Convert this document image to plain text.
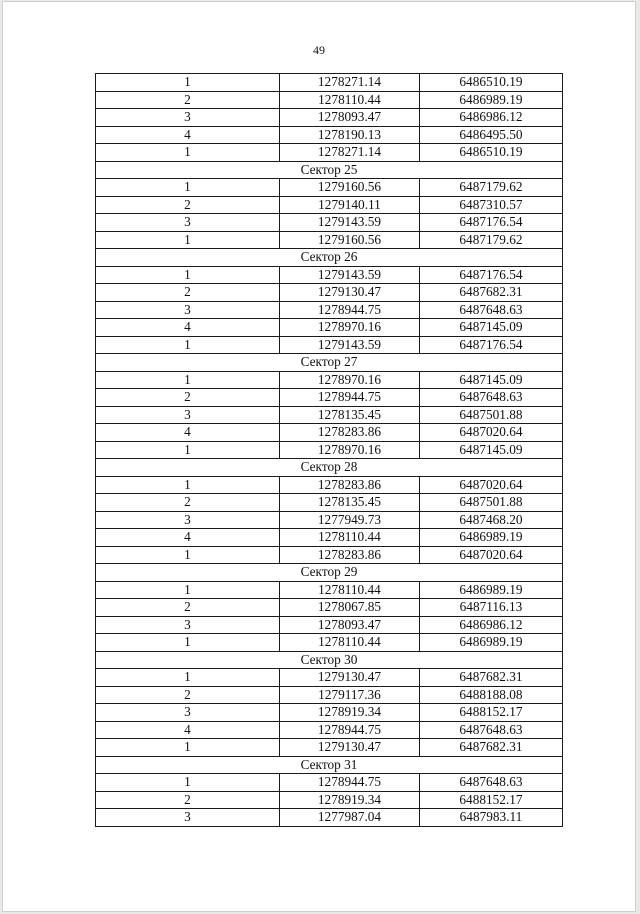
49
1	1278271.14	6486510.19
2	1278110.44	6486989.19
3	1278093.47	6486986.12
4	1278190.13	6486495.50
1	1278271.14	6486510.19
Сектор 25		
1	1279160.56	6487179.62
2	1279140.11	6487310.57
3	1279143.59	6487176.54
1	1279160.56	6487179.62
Сектор 26		
1	1279143.59	6487176.54
2	1279130.47	6487682.31
3	1278944.75	6487648.63
4	1278970.16	6487145.09
1	1279143.59	6487176.54
Сектор 27		
1	1278970.16	6487145.09
2	1278944.75	6487648.63
3	1278135.45	6487501.88
4	1278283.86	6487020.64
1	1278970.16	6487145.09
Сектор 28		
1	1278283.86	6487020.64
2	1278135.45	6487501.88
3	1277949.73	6487468.20
4	1278110.44	6486989.19
1	1278283.86	6487020.64
Сектор 29		
1	1278110.44	6486989.19
2	1278067.85	6487116.13
3	1278093.47	6486986.12
1	1278110.44	6486989.19
Сектор 30		
1	1279130.47	6487682.31
2	1279117.36	6488188.08
3	1278919.34	6488152.17
4	1278944.75	6487648.63
1	1279130.47	6487682.31
Сектор 31		
1	1278944.75	6487648.63
2	1278919.34	6488152.17
3	1277987.04	6487983.11
